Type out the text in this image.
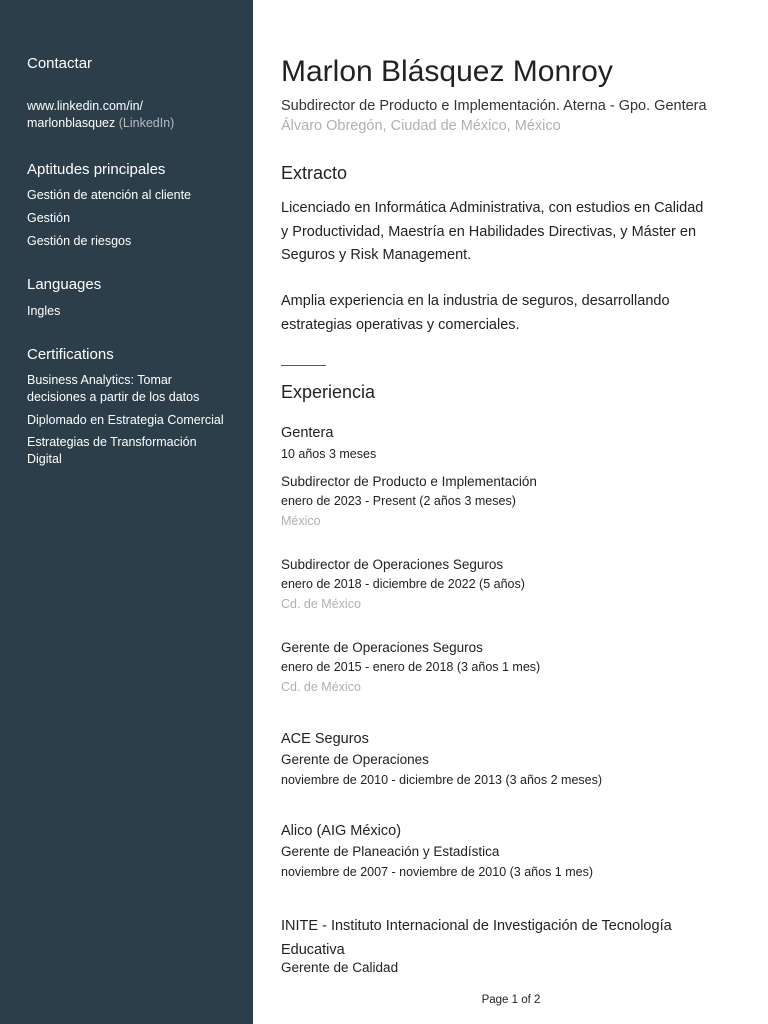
Contactar
www.linkedin.com/in/
marlonblasquez (LinkedIn)
Aptitudes principales
Gestión de atención al cliente
Gestión
Gestión de riesgos
Languages
Ingles
Certifications
Business Analytics: Tomar
decisiones a partir de los datos
Diplomado en Estrategia Comercial
Estrategias de Transformación
Digital
Marlon Blásquez Monroy
Subdirector de Producto e Implementación. Aterna - Gpo. Gentera
Álvaro Obregón, Ciudad de México, México
Extracto
Licenciado en Informática Administrativa, con estudios en Calidad
y Productividad, Maestría en Habilidades Directivas, y Máster en
Seguros y Risk Management.
Amplia experiencia en la industria de seguros, desarrollando
estrategias operativas y comerciales.
Experiencia
Gentera
10 años 3 meses
Subdirector de Producto e Implementación
enero de 2023 - Present (2 años 3 meses)
México
Subdirector de Operaciones Seguros
enero de 2018 - diciembre de 2022 (5 años)
Cd. de México
Gerente de Operaciones Seguros
enero de 2015 - enero de 2018 (3 años 1 mes)
Cd. de México
ACE Seguros
Gerente de Operaciones
noviembre de 2010 - diciembre de 2013 (3 años 2 meses)
Alico (AIG México)
Gerente de Planeación y Estadística
noviembre de 2007 - noviembre de 2010 (3 años 1 mes)
INITE - Instituto Internacional de Investigación de Tecnología
Educativa
Gerente de Calidad
Page 1 of 2
